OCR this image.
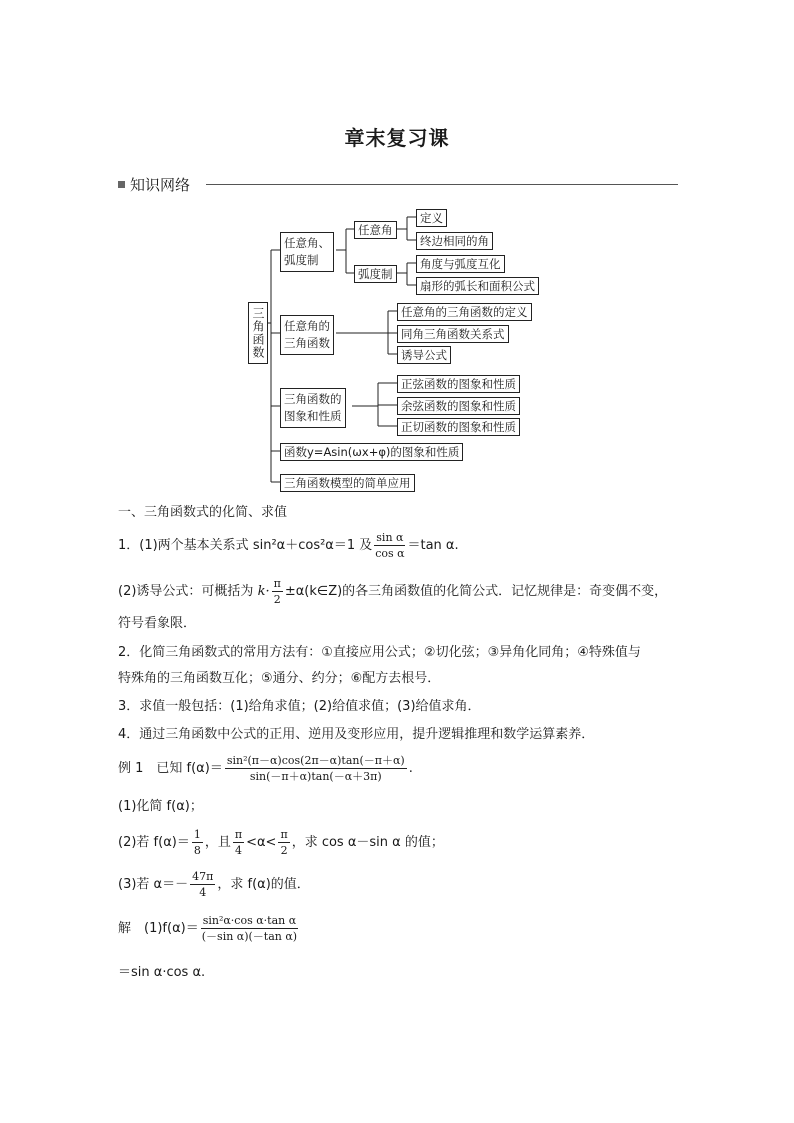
章末复习课
知识网络
三角函数
任意角、
弧度制
任意角
定义
终边相同的角
弧度制
角度与弧度互化
扇形的弧长和面积公式
任意角的
三角函数
任意角的三角函数的定义
同角三角函数关系式
诱导公式
三角函数的
图象和性质
正弦函数的图象和性质
余弦函数的图象和性质
正切函数的图象和性质
函数y=Asin(ωx+φ)的图象和性质
三角函数模型的简单应用
一、三角函数式的化简、求值
1．(1)两个基本关系式 sin²α＋cos²α＝1 及 $\frac{\text{sin α}}{\text{cos α}} =\tan$ α.
(2)诱导公式：可概括为 $k\cdot \frac{\pi}{2}$ ±α(k∈Z)的各三角函数值的化简公式．记忆规律是：奇变偶不变，
符号看象限．
2．化简三角函数式的常用方法有：①直接应用公式；②切化弦；③异角化同角；④特殊值与
特殊角的三角函数互化；⑤通分、约分；⑥配方去根号．
3．求值一般包括：(1)给角求值；(2)给值求值；(3)给值求角．
4．通过三角函数中公式的正用、逆用及变形应用，提升逻辑推理和数学运算素养．
例 1　已知 $f(\alpha)= \frac{\text{sin²(π－α)cos(2π－α)tan(－π＋α)}}{\sin(-\pi+\alpha)\tan(-\alpha+3\pi)}$ .
(1)化简 f(α)；
(2)若 $f(\alpha)= \frac{1}{8}$ ，且 $\frac{\pi}{4} <\alpha< \frac{\pi}{2}$ ，求 cos α－sin α 的值；
(3)若 $\alpha=- \frac{47\pi}{4}$ ，求 f(α)的值．
解　$(1)f(\alpha)= \frac{\text{sin²α·cos α·tan α}}{\text{(－sin α)(－tan α)}}$
＝sin α·cos α.
